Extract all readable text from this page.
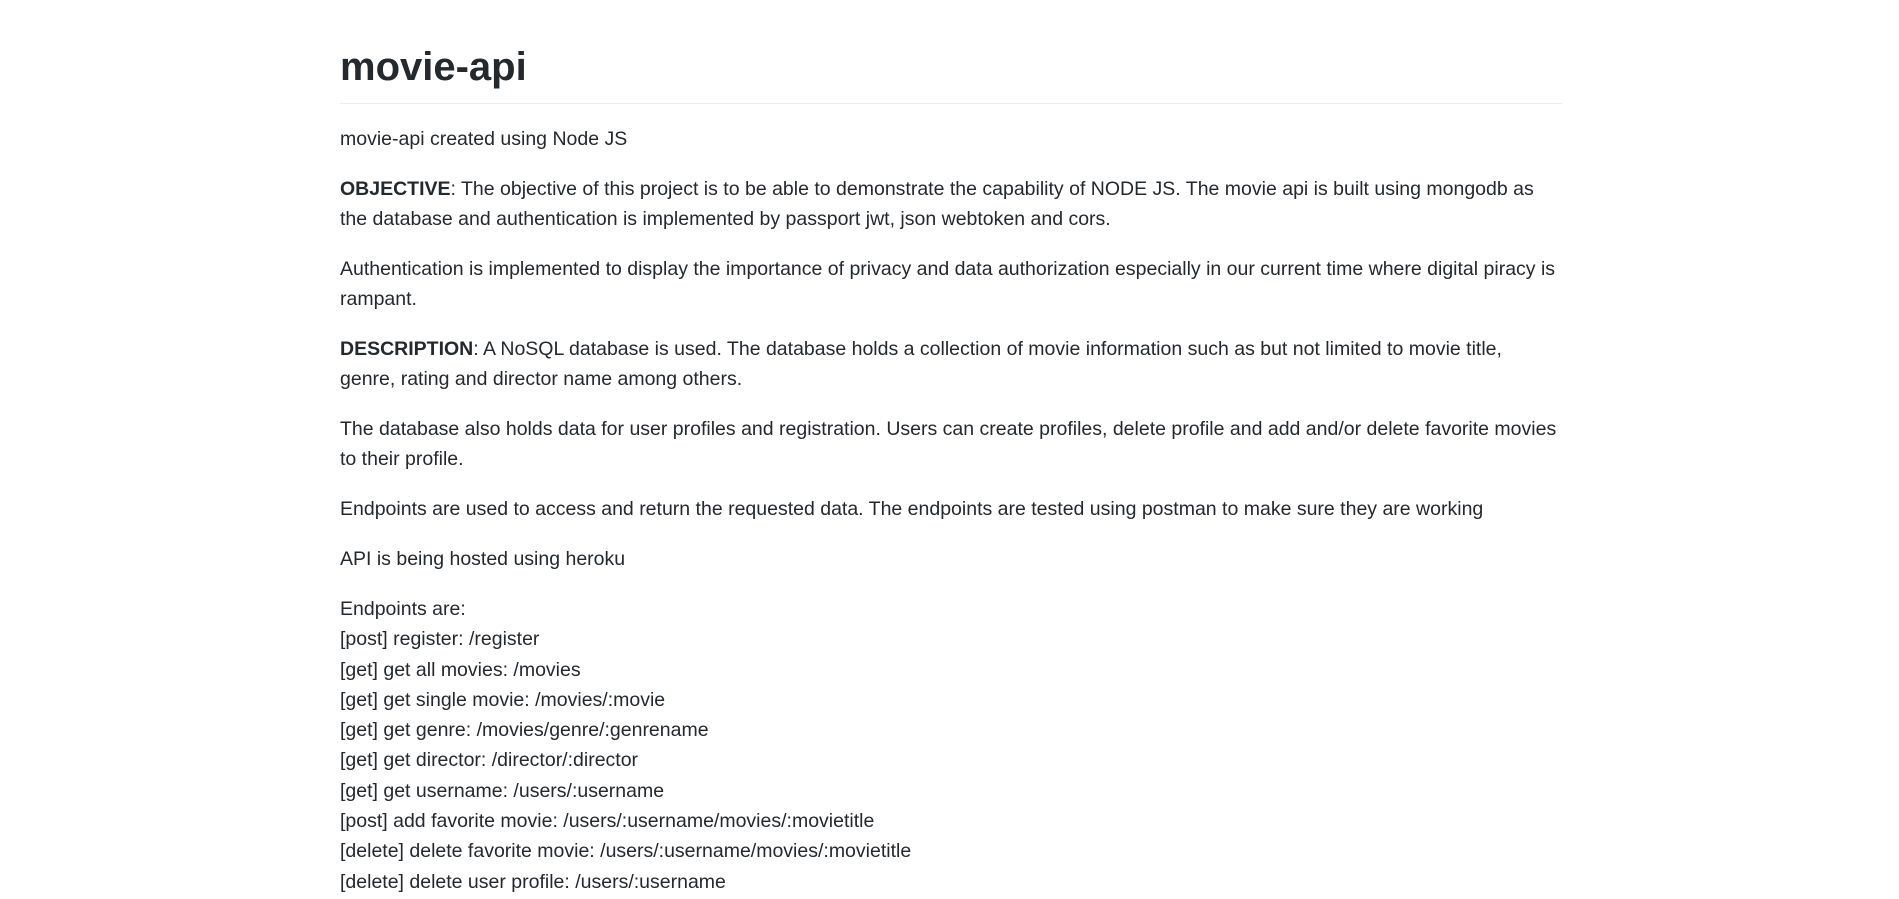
movie-api

movie-api created using Node JS

OBJECTIVE: The objective of this project is to be able to demonstrate the capability of NODE JS. The movie api is built using mongodb as the database and authentication is implemented by passport jwt, json webtoken and cors.

Authentication is implemented to display the importance of privacy and data authorization especially in our current time where digital piracy is rampant.

DESCRIPTION: A NoSQL database is used. The database holds a collection of movie information such as but not limited to movie title, genre, rating and director name among others.

The database also holds data for user profiles and registration. Users can create profiles, delete profile and add and/or delete favorite movies to their profile.

Endpoints are used to access and return the requested data. The endpoints are tested using postman to make sure they are working

API is being hosted using heroku

Endpoints are:
[post] register: /register
[get] get all movies: /movies
[get] get single movie: /movies/:movie
[get] get genre: /movies/genre/:genrename
[get] get director: /director/:director
[get] get username: /users/:username
[post] add favorite movie: /users/:username/movies/:movietitle
[delete] delete favorite movie: /users/:username/movies/:movietitle
[delete] delete user profile: /users/:username
